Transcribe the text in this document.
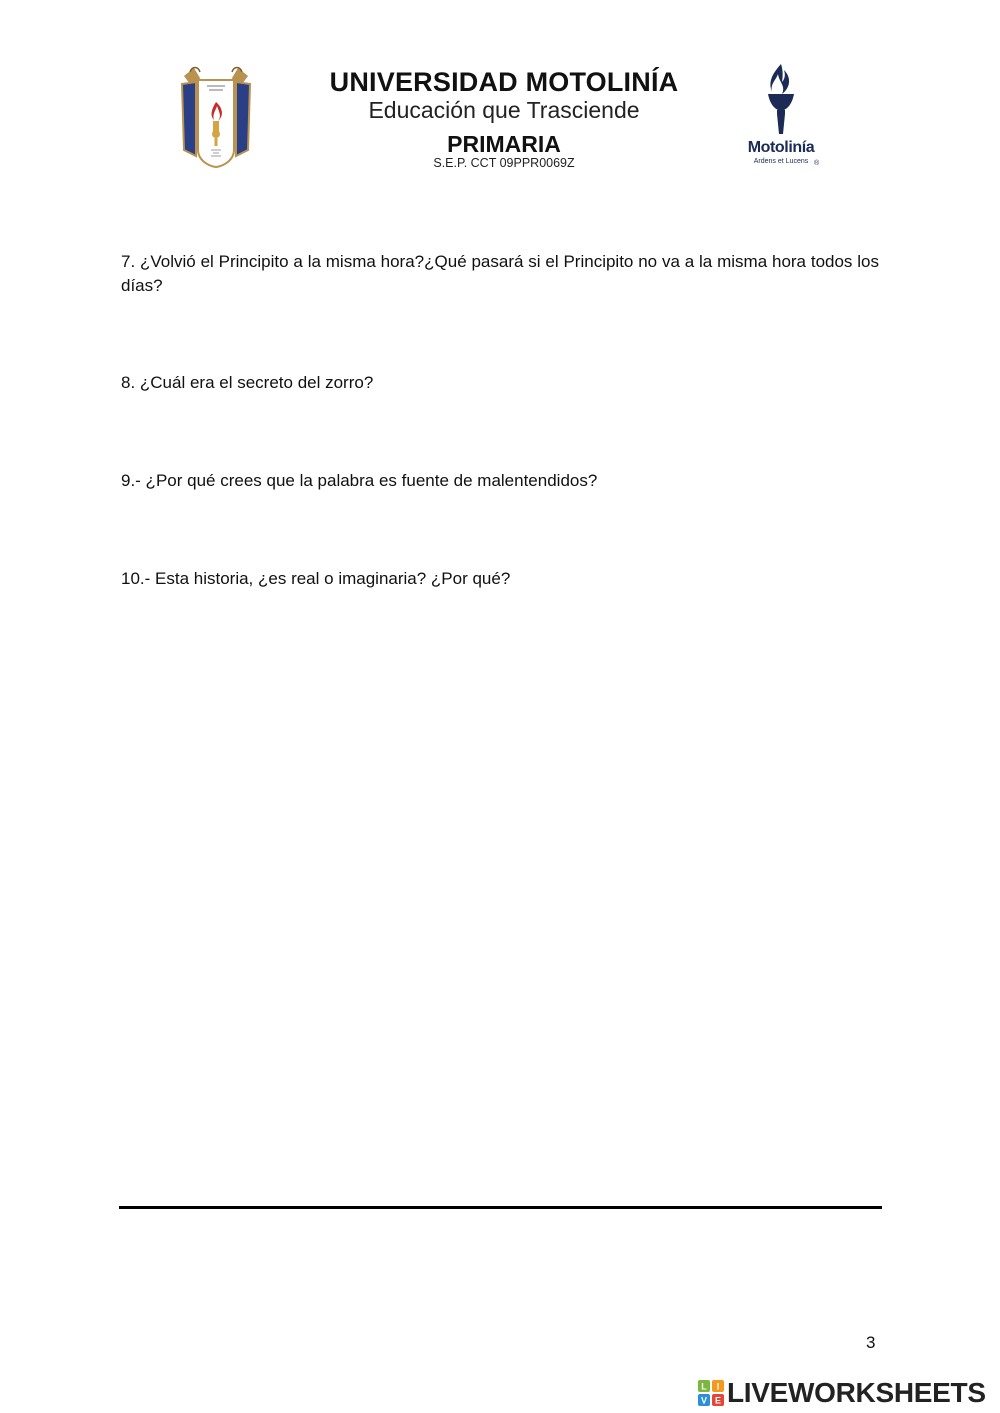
UNIVERSIDAD MOTOLINÍA
Educación que Trasciende
PRIMARIA
S.E.P. CCT 09PPR0069Z
Motolinía
Ardens et Lucens ®
7. ¿Volvió el Principito a la misma hora?¿Qué pasará si el Principito no va a la misma hora todos los días?
8. ¿Cuál era el secreto del zorro?
9.- ¿Por qué crees que la palabra es fuente de malentendidos?
10.- Esta historia, ¿es real o imaginaria? ¿Por qué?
3
L I
V E LIVEWORKSHEETS
